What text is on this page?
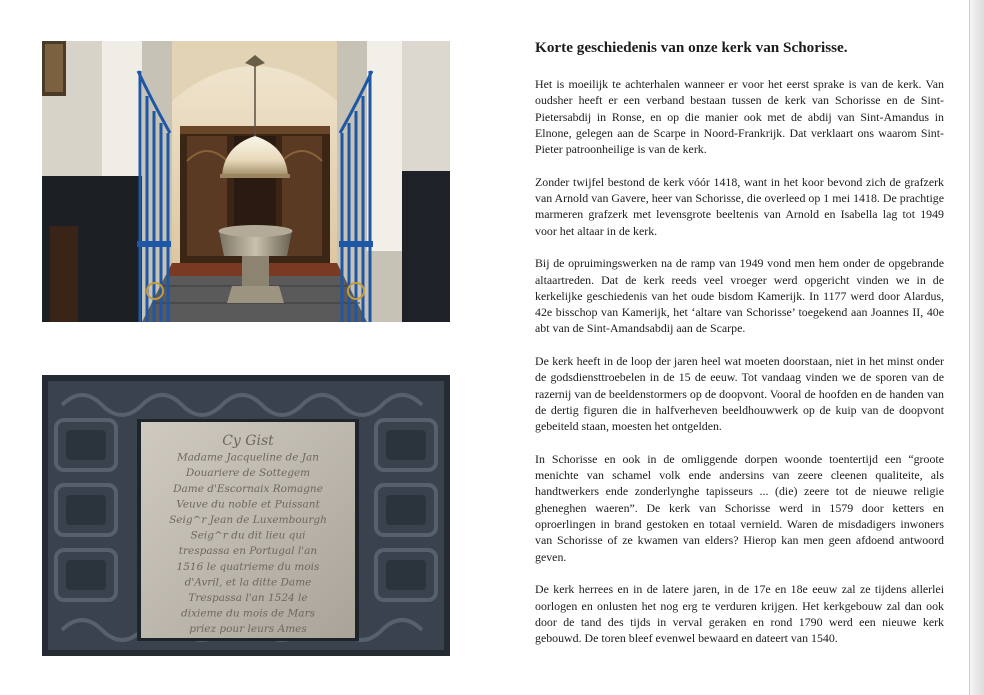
Cy Gist
Madame Jacqueline de Jan
Douariere de Sottegem
Dame d'Escornaix Romagne
Veuve du noble et Puissant
Seig^r Jean de Luxembourgh
Seig^r du dit lieu qui
trespassa en Portugal l'an
1516 le quatrieme du mois
d'Avril, et la ditte Dame
Trespassa l'an 1524 le
dixieme du mois de Mars
priez pour leurs Ames
Korte geschiedenis van onze kerk van Schorisse.

Het is moeilijk te achterhalen wanneer er voor het eerst sprake is van de kerk. Van oudsher heeft er een verband bestaan tussen de kerk van Schorisse en de Sint-Pietersabdij in Ronse, en op die manier ook met de abdij van Sint-Amandus in Elnone, gelegen aan de Scarpe in Noord-Frankrijk. Dat verklaart ons waarom Sint-Pieter patroonheilige is van de kerk.

Zonder twijfel bestond de kerk vóór 1418, want in het koor bevond zich de grafzerk van Arnold van Gavere, heer van Schorisse, die overleed op 1 mei 1418. De prachtige marmeren grafzerk met levensgrote beeltenis van Arnold en Isabella lag tot 1949 voor het altaar in de kerk.

Bij de opruimingswerken na de ramp van 1949 vond men hem onder de opgebrande altaartreden. Dat de kerk reeds veel vroeger werd opgericht vinden we in de kerkelijke geschiedenis van het oude bisdom Kamerijk. In 1177 werd door Alardus, 42e bisschop van Kamerijk, het ‘altare van Schorisse’ toegekend aan Joannes II, 40e abt van de Sint-Amandsabdij aan de Scarpe.

De kerk heeft in de loop der jaren heel wat moeten doorstaan, niet in het minst onder de godsdiensttroebelen in de 15 de eeuw. Tot vandaag vinden we de sporen van de razernij van de beeldenstormers op de doopvont. Vooral de hoofden en de handen van de dertig figuren die in halfverheven beeldhouwwerk op de kuip van de doopvont gebeiteld staan, moesten het ontgelden.

In Schorisse en ook in de omliggende dorpen woonde toentertijd een “groote menichte van schamel volk ende andersins van zeere cleenen qualiteite, als handtwerkers ende zonderlynghe tapisseurs ... (die) zeere tot de nieuwe religie gheneghen waeren”. De kerk van Schorisse werd in 1579 door ketters en oproerlingen in brand gestoken en totaal vernield. Waren de misdadigers inwoners van Schorisse of ze kwamen van elders? Hierop kan men geen afdoend antwoord geven.

De kerk herrees en in de latere jaren, in de 17e en 18e eeuw zal ze tijdens allerlei oorlogen en onlusten het nog erg te verduren krijgen. Het kerkgebouw zal dan ook door de tand des tijds in verval geraken en rond 1790 werd een nieuwe kerk gebouwd. De toren bleef evenwel bewaard en dateert van 1540.
